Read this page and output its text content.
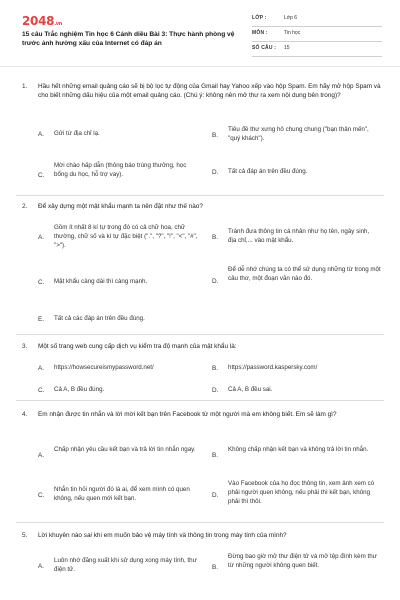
2048.vn
15 câu Trắc nghiệm Tin học 6 Cánh diều Bài 3: Thực hành phòng vệ trước ảnh hưởng xấu của Internet có đáp án
LỚP :	Lớp 6
MÔN :	Tin học
SỐ CÂU : 15
1. Hầu hết những email quảng cáo sẽ bị bộ lọc tự động của Gmail hay Yahoo xếp vào hộp Spam. Em hãy mở hộp Spam và cho biết những dấu hiệu của một email quảng cáo. (Chú ý: không nên mở thư ra xem nội dung bên trong)?
A. Gửi từ địa chỉ lạ.	B.
Tiêu đề thư xưng hô chung chung ("bạn thân mến", "quý khách").
C.
Mời chào hấp dẫn (thông báo trúng thưởng, học bổng du học, hỗ trợ vay).	D. Tất cả đáp án trên đều đúng.
2. Để xây dựng một mật khẩu mạnh ta nên đặt như thế nào?
A.
Gồm ít nhất 8 kí tự trong đó có cả chữ hoa, chữ thường, chữ số và kí tự đặc biệt (".", "?", "!", "<", "#", ">").
B.
Tránh đưa thông tin cá nhân như họ tên, ngày sinh, địa chỉ,... vào mật khẩu.
C. Mật khẩu càng dài thì càng mạnh.	D.
Để dễ nhớ chúng ta có thể sử dụng những từ trong một câu thơ, một đoạn văn nào đó.
E. Tất cả các đáp án trên đều đúng.
3. Một số trang web cung cấp dịch vụ kiểm tra độ mạnh của mật khẩu là:
A. https://howsecureismypassword.net/	B. https://password.kaspersky.com/
C. Cả A, B đều đúng.	D. Cả A, B đều sai.
4. Em nhận được tin nhắn và lời mời kết bạn trên Facebook từ một người mà em không biết. Em sẽ làm gì?
A.
Chấp nhận yêu cầu kết bạn và trả lời tin nhắn ngay.
B.
Không chấp nhận kết bạn và không trả lời tin nhắn.
C.
Nhắn tin hỏi người đó là ai, để xem mình có quen không, nếu quen mới kết bạn.	D.
Vào Facebook của họ đọc thông tin, xem ảnh xem có phải người quen không, nếu phải thì kết bạn, không phải thì thôi.
5. Lời khuyên nào sai khi em muốn bảo vệ máy tính và thông tin trong máy tính của mình?
A.
Luôn nhớ đăng xuất khi sử dụng xong máy tính, thư điện tử.	B.
Đừng bao giờ mở thư điện tử và mở tệp đính kèm thư từ những người không quen biết.
